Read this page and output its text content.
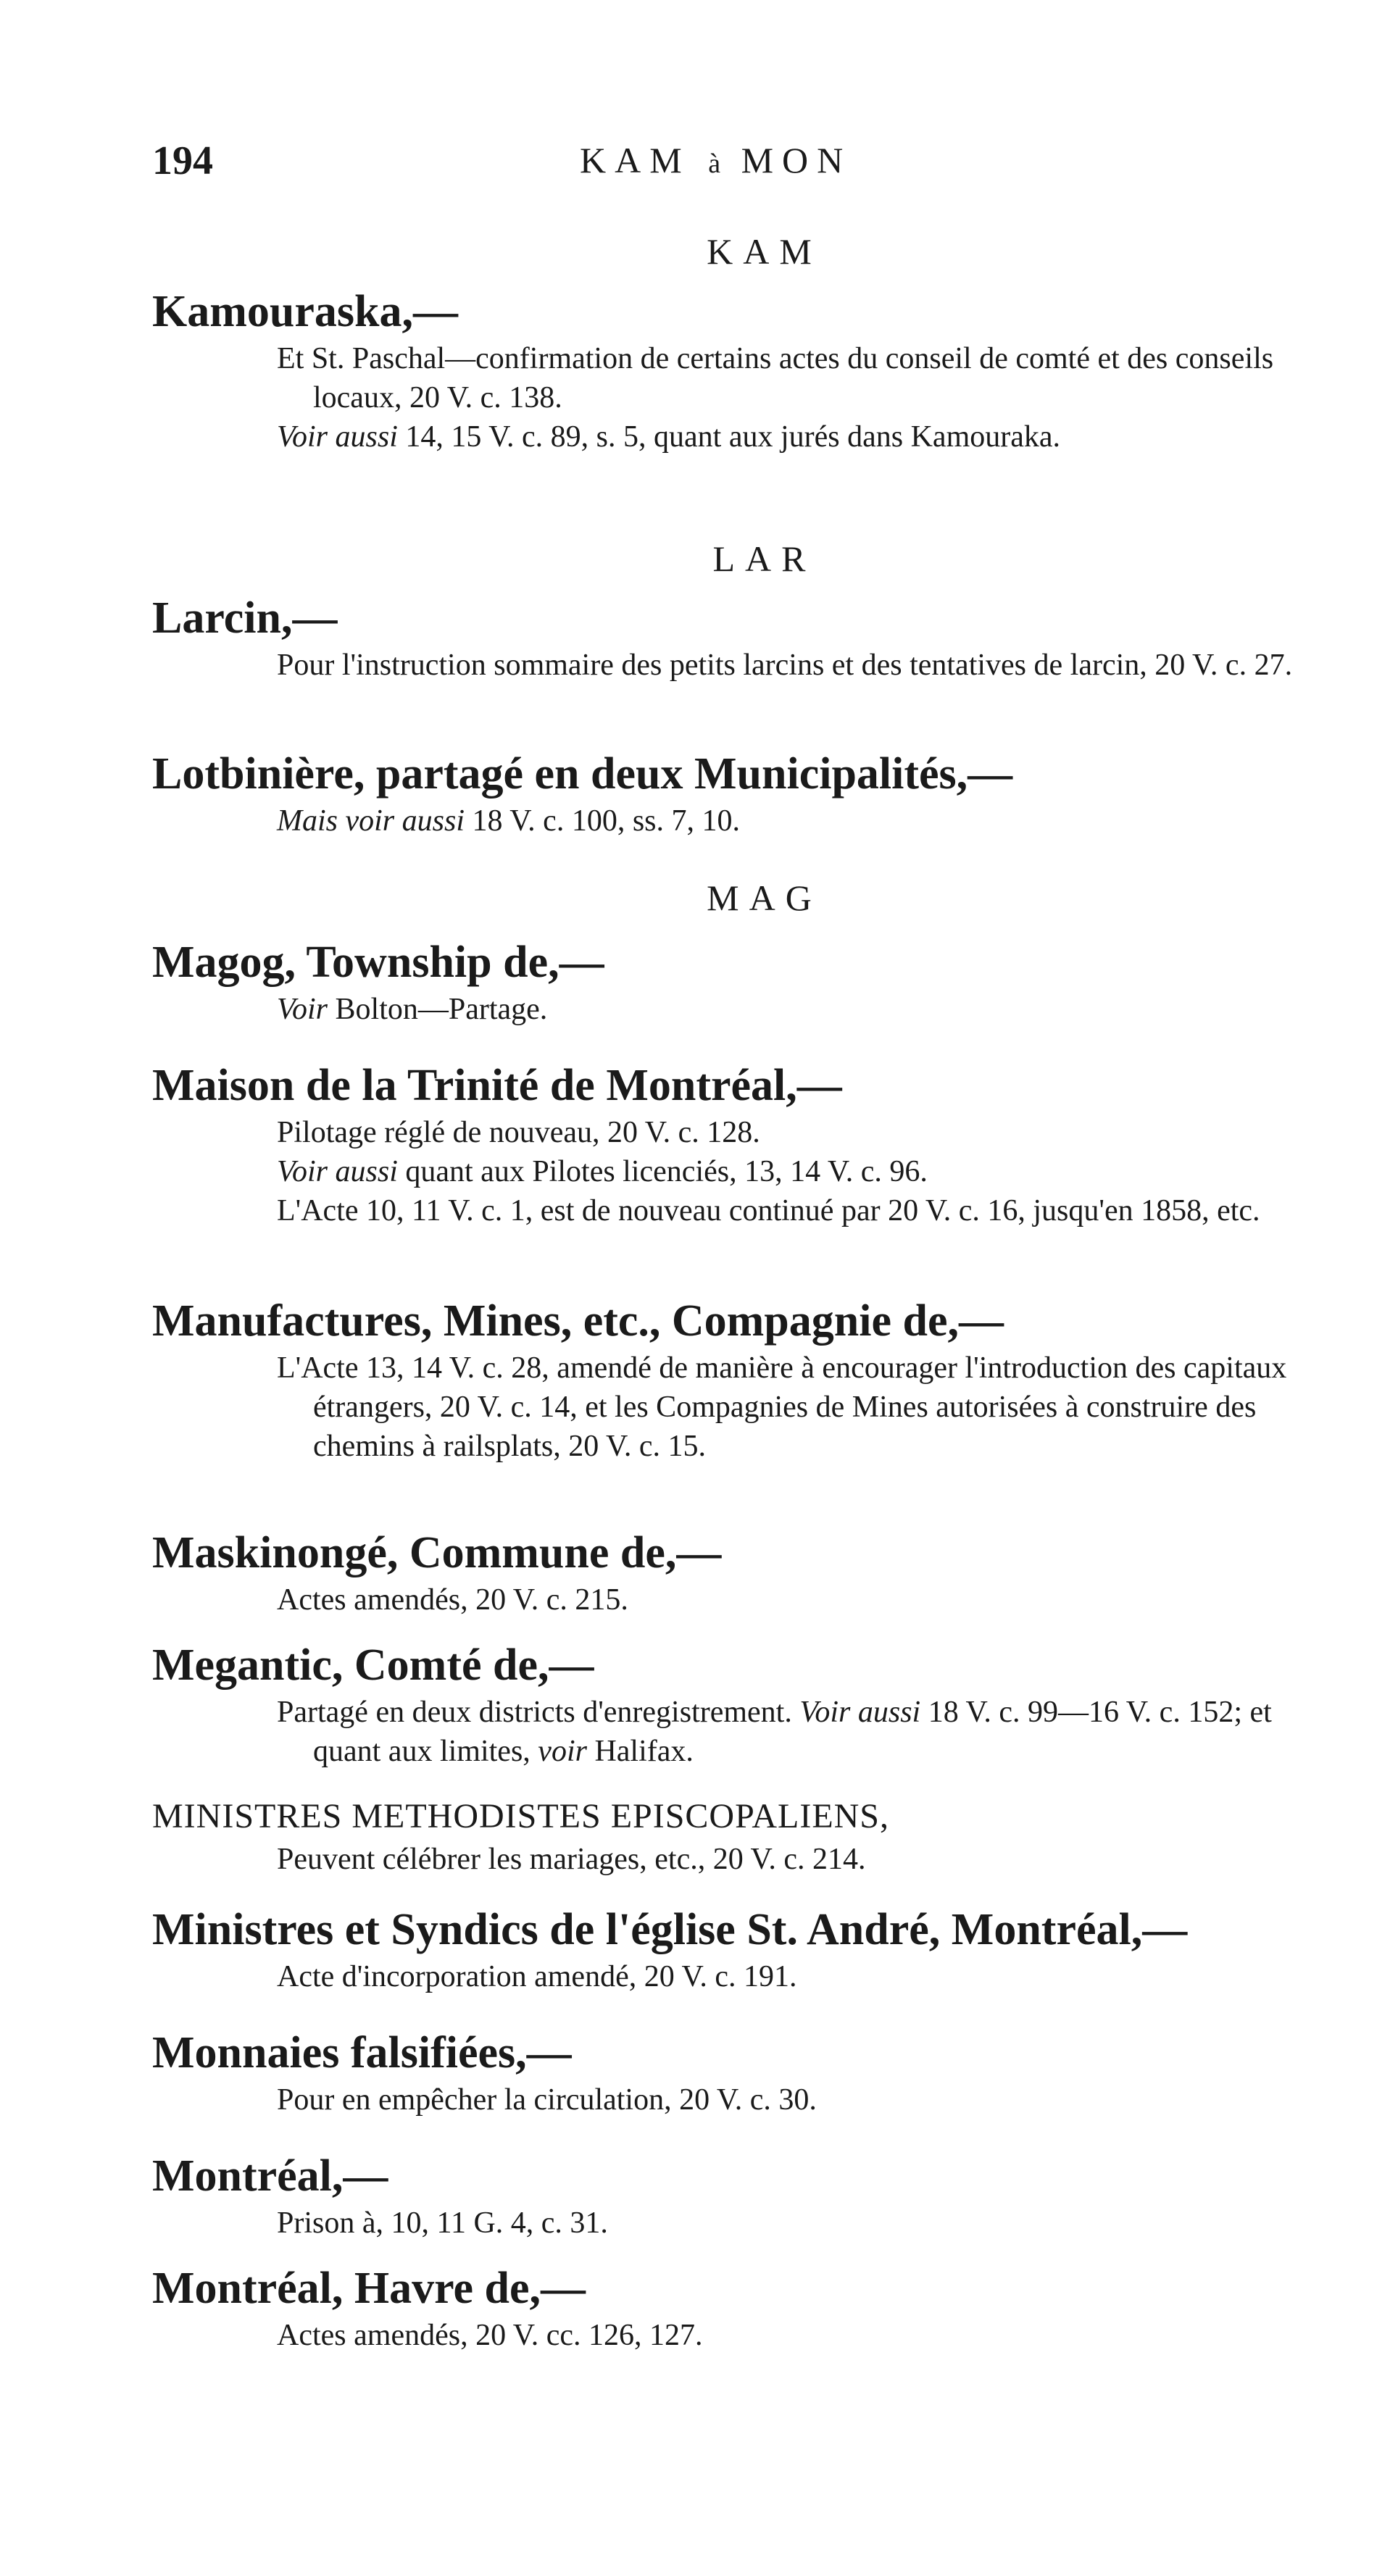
194	KAM à MON
KAM
Kamouraska,—
Et St. Paschal—confirmation de certains actes du conseil de comté et des conseils locaux, 20 V. c. 138.
Voir aussi 14, 15 V. c. 89, s. 5, quant aux jurés dans Kamouraka.
LAR
Larcin,—
Pour l'instruction sommaire des petits larcins et des tentatives de larcin, 20 V. c. 27.
Lotbinière, partagé en deux Municipalités,—
Mais voir aussi 18 V. c. 100, ss. 7, 10.
MAG
Magog, Township de,—
Voir Bolton—Partage.
Maison de la Trinité de Montréal,—
Pilotage réglé de nouveau, 20 V. c. 128.
Voir aussi quant aux Pilotes licenciés, 13, 14 V. c. 96.
L'Acte 10, 11 V. c. 1, est de nouveau continué par 20 V. c. 16, jusqu'en 1858, etc.
Manufactures, Mines, etc., Compagnie de,—
L'Acte 13, 14 V. c. 28, amendé de manière à encourager l'introduction des capitaux étrangers, 20 V. c. 14, et les Compagnies de Mines autorisées à construire des chemins à railsplats, 20 V. c. 15.
Maskinongé, Commune de,—
Actes amendés, 20 V. c. 215.
Megantic, Comté de,—
Partagé en deux districts d'enregistrement. Voir aussi 18 V. c. 99—16 V. c. 152; et quant aux limites, voir Halifax.
MINISTRES METHODISTES EPISCOPALIENS,
Peuvent célébrer les mariages, etc., 20 V. c. 214.
Ministres et Syndics de l'église St. André, Montréal,—
Acte d'incorporation amendé, 20 V. c. 191.
Monnaies falsifiées,—
Pour en empêcher la circulation, 20 V. c. 30.
Montréal,—
Prison à, 10, 11 G. 4, c. 31.
Montréal, Havre de,—
Actes amendés, 20 V. cc. 126, 127.
